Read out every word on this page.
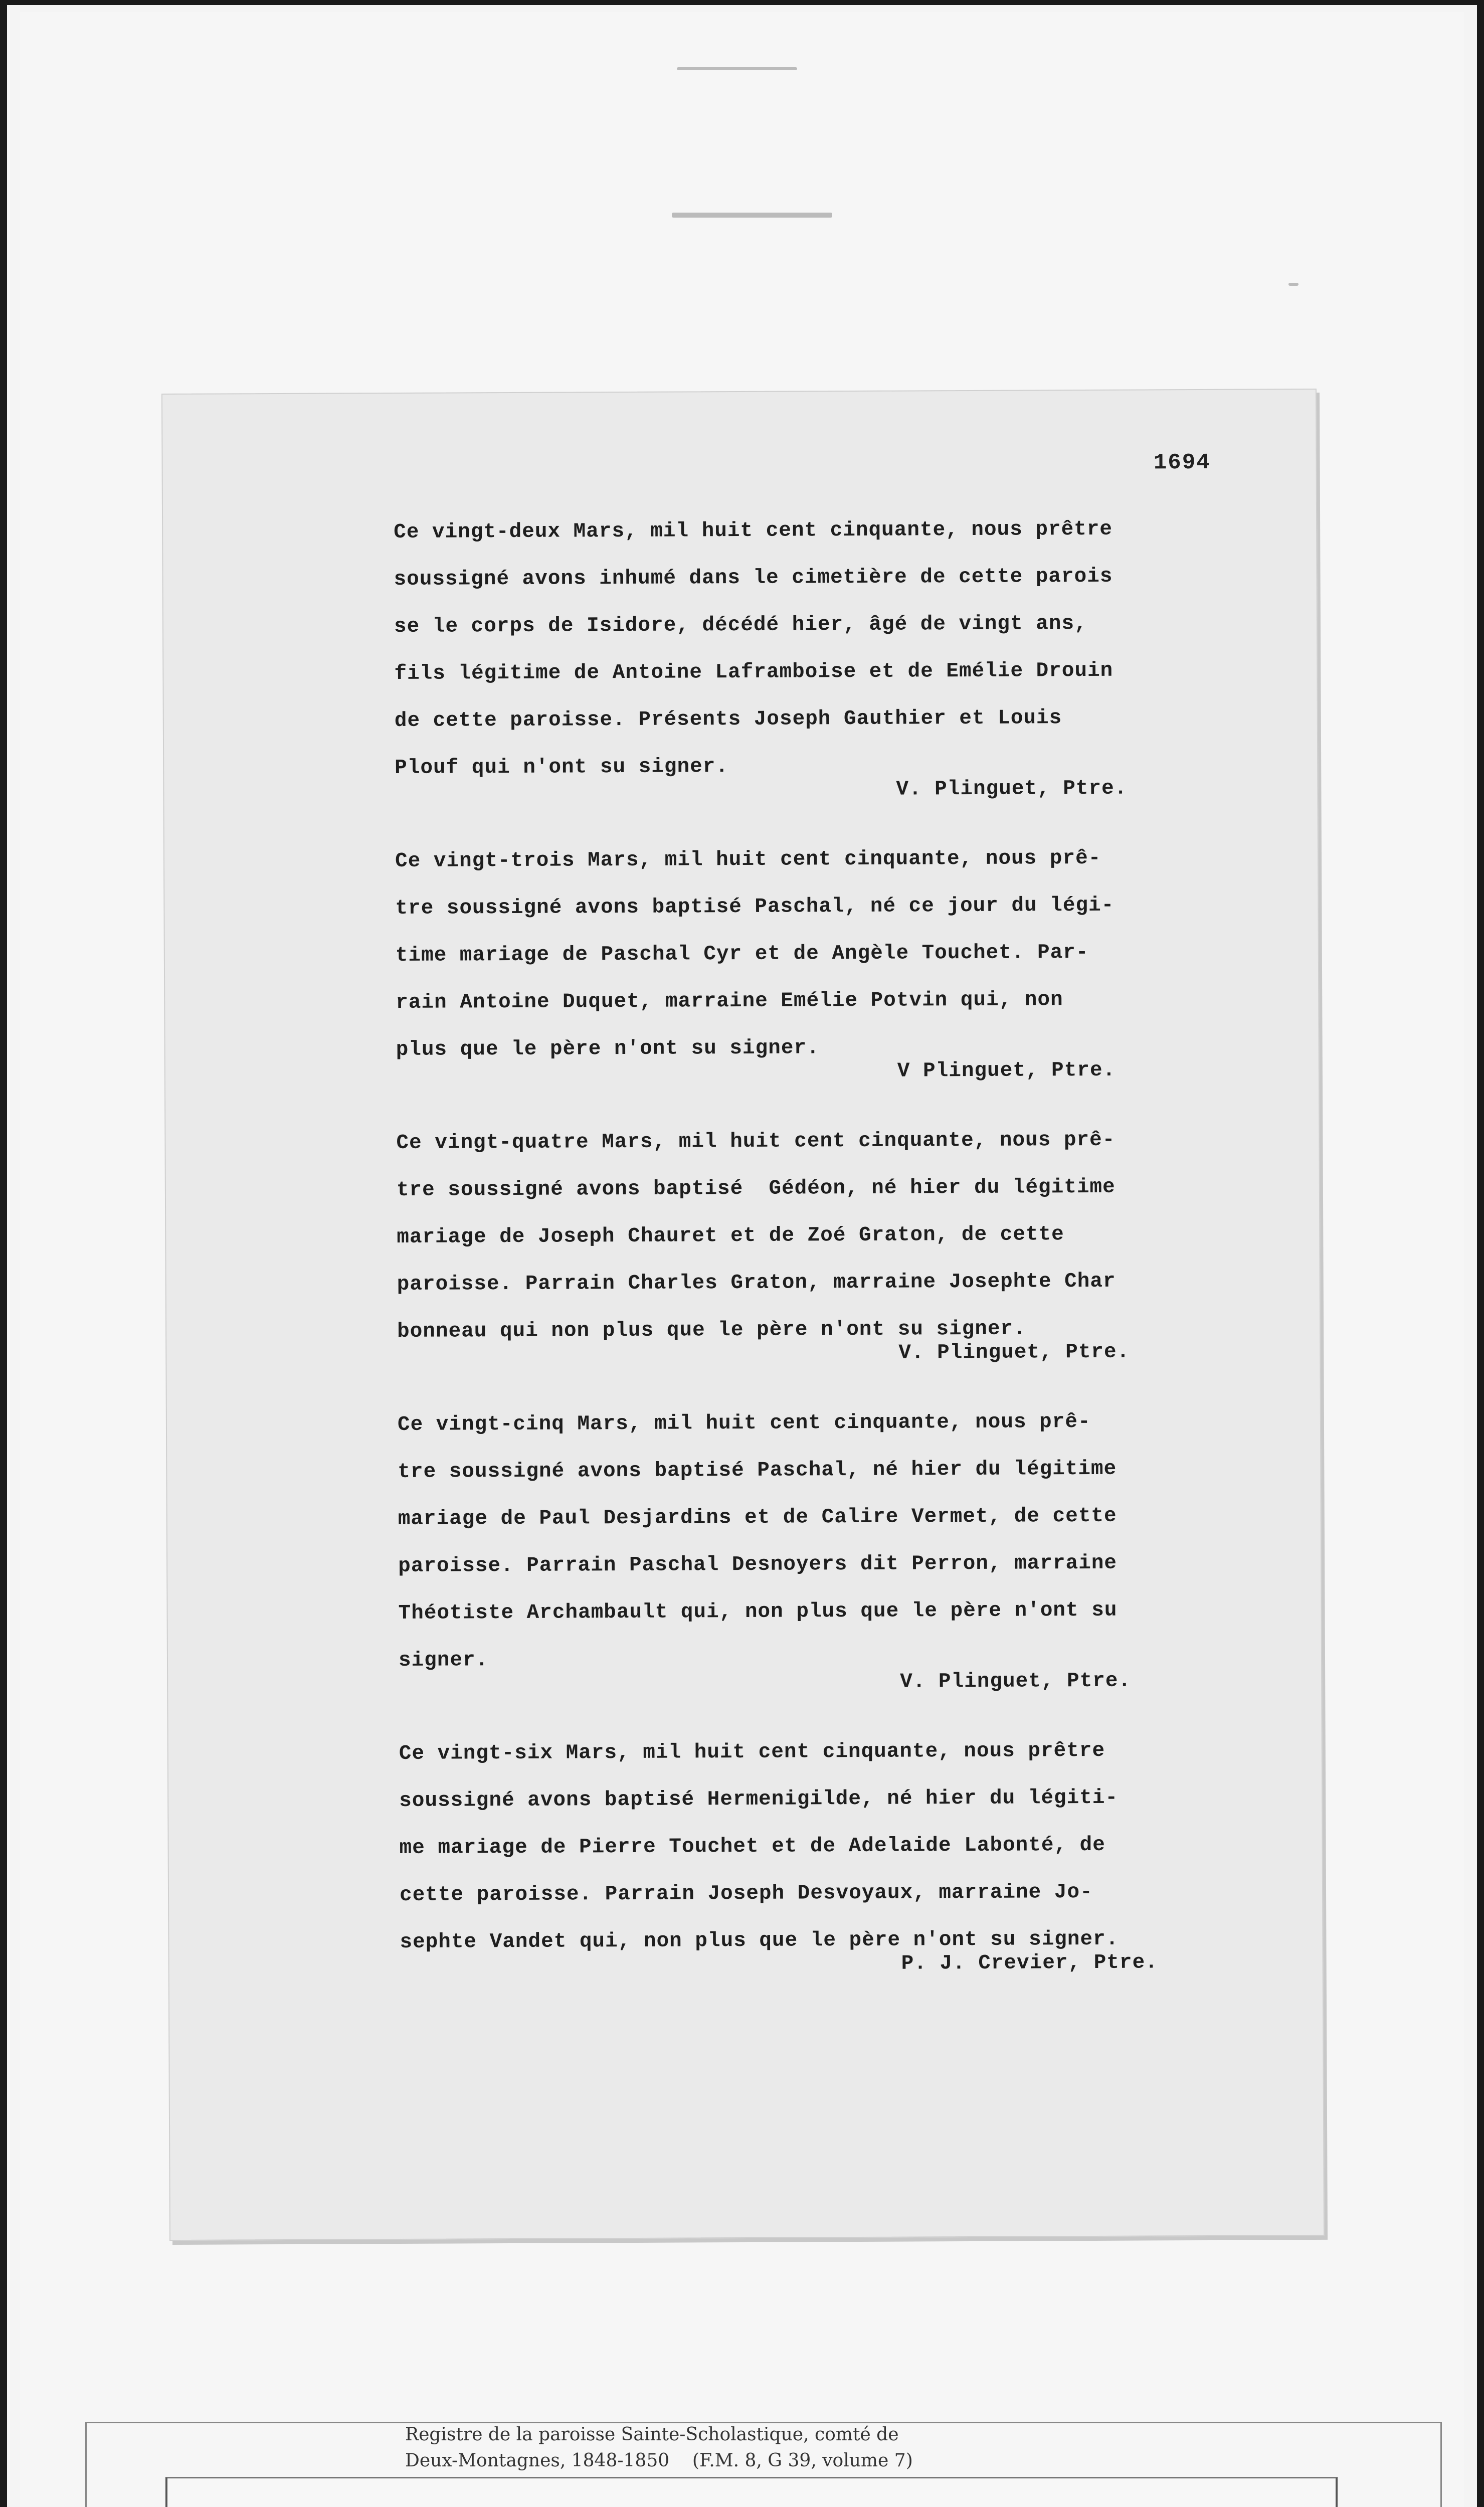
1694
Ce vingt-deux Mars, mil huit cent cinquante, nous prêtre
soussigné avons inhumé dans le cimetière de cette parois
se le corps de Isidore, décédé hier, âgé de vingt ans,
fils légitime de Antoine Laframboise et de Emélie Drouin
de cette paroisse. Présents Joseph Gauthier et Louis
Plouf qui n'ont su signer.
V. Plinguet, Ptre.
Ce vingt-trois Mars, mil huit cent cinquante, nous prê-
tre soussigné avons baptisé Paschal, né ce jour du légi-
time mariage de Paschal Cyr et de Angèle Touchet. Par-
rain Antoine Duquet, marraine Emélie Potvin qui, non
plus que le père n'ont su signer.
V Plinguet, Ptre.
Ce vingt-quatre Mars, mil huit cent cinquante, nous prê-
tre soussigné avons baptisé  Gédéon, né hier du légitime
mariage de Joseph Chauret et de Zoé Graton, de cette
paroisse. Parrain Charles Graton, marraine Josephte Char
bonneau qui non plus que le père n'ont su signer.
V. Plinguet, Ptre.
Ce vingt-cinq Mars, mil huit cent cinquante, nous prê-
tre soussigné avons baptisé Paschal, né hier du légitime
mariage de Paul Desjardins et de Calire Vermet, de cette
paroisse. Parrain Paschal Desnoyers dit Perron, marraine
Théotiste Archambault qui, non plus que le père n'ont su
signer.
V. Plinguet, Ptre.
Ce vingt-six Mars, mil huit cent cinquante, nous prêtre
soussigné avons baptisé Hermenigilde, né hier du légiti-
me mariage de Pierre Touchet et de Adelaide Labonté, de
cette paroisse. Parrain Joseph Desvoyaux, marraine Jo-
sephte Vandet qui, non plus que le père n'ont su signer.
P. J. Crevier, Ptre.
Registre de la paroisse Sainte-Scholastique, comté de
Deux-Montagnes, 1848-1850    (F.M. 8, G 39, volume 7)
